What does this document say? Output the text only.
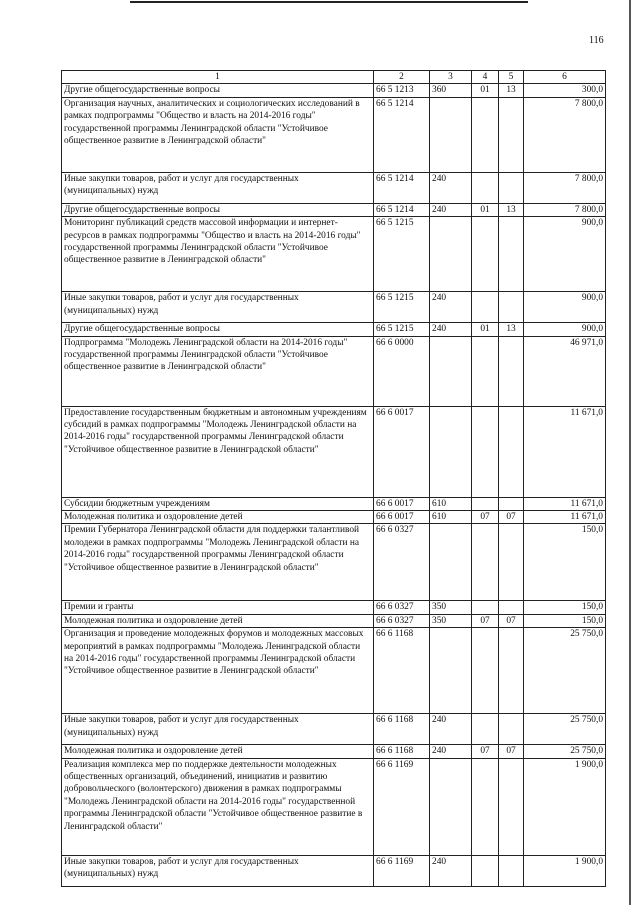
116
1	2	3	4	5	6
Другие общегосударственные вопросы	66 5 1213	360	01	13	300,0
Организация научных, аналитических и социологических исследований в рамках подпрограммы "Общество и власть на 2014-2016 годы" государственной программы Ленинградской области "Устойчивое общественное развитие в Ленинградской области"	66 5 1214				7 800,0
Иные закупки товаров, работ и услуг для государственных (муниципальных) нужд	66 5 1214	240			7 800,0
Другие общегосударственные вопросы	66 5 1214	240	01	13	7 800,0
Мониторинг публикаций средств массовой информации и интернет-ресурсов в рамках подпрограммы "Общество и власть на 2014-2016 годы" государственной программы Ленинградской области "Устойчивое общественное развитие в Ленинградской области"	66 5 1215				900,0
Иные закупки товаров, работ и услуг для государственных (муниципальных) нужд	66 5 1215	240			900,0
Другие общегосударственные вопросы	66 5 1215	240	01	13	900,0
Подпрограмма "Молодежь Ленинградской области на 2014-2016 годы" государственной программы Ленинградской области "Устойчивое общественное развитие в Ленинградской области"	66 6 0000				46 971,0
Предоставление государственным бюджетным и автономным учреждениям субсидий в рамках подпрограммы "Молодежь Ленинградской области на 2014-2016 годы" государственной программы Ленинградской области "Устойчивое общественное развитие в Ленинградской области"	66 6 0017				11 671,0
Субсидии бюджетным учреждениям	66 6 0017	610			11 671,0
Молодежная политика и оздоровление детей	66 6 0017	610	07	07	11 671,0
Премии Губернатора Ленинградской области для поддержки талантливой молодежи в рамках подпрограммы "Молодежь Ленинградской области на 2014-2016 годы" государственной программы Ленинградской области "Устойчивое общественное развитие в Ленинградской области"	66 6 0327				150,0
Премии и гранты	66 6 0327	350			150,0
Молодежная политика и оздоровление детей	66 6 0327	350	07	07	150,0
Организация и проведение молодежных форумов и молодежных массовых мероприятий в рамках подпрограммы "Молодежь Ленинградской области на 2014-2016 годы" государственной программы Ленинградской области "Устойчивое общественное развитие в Ленинградской области"	66 6 1168				25 750,0
Иные закупки товаров, работ и услуг для государственных (муниципальных) нужд	66 6 1168	240			25 750,0
Молодежная политика и оздоровление детей	66 6 1168	240	07	07	25 750,0
Реализация комплекса мер по поддержке деятельности молодежных общественных организаций, объединений, инициатив и развитию добровольческого (волонтерского) движения в рамках подпрограммы "Молодежь Ленинградской области на 2014-2016 годы" государственной программы Ленинградской области "Устойчивое общественное развитие в Ленинградской области"	66 6 1169				1 900,0
Иные закупки товаров, работ и услуг для государственных (муниципальных) нужд	66 6 1169	240			1 900,0
